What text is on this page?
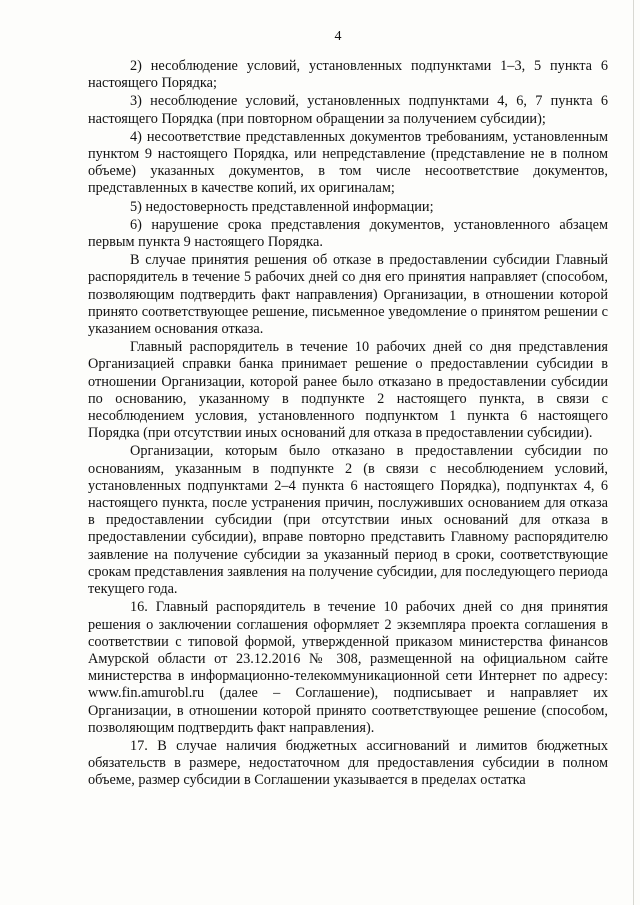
4

2) несоблюдение условий, установленных подпунктами 1–3, 5 пункта 6 настоящего Порядка;

3) несоблюдение условий, установленных подпунктами 4, 6, 7 пункта 6 настоящего Порядка (при повторном обращении за получением субсидии);

4) несоответствие представленных документов требованиям, установленным пунктом 9 настоящего Порядка, или непредставление (представление не в полном объеме) указанных документов, в том числе несоответствие документов, представленных в качестве копий, их оригиналам;

5) недостоверность представленной информации;

6) нарушение срока представления документов, установленного абзацем первым пункта 9 настоящего Порядка.

В случае принятия решения об отказе в предоставлении субсидии Главный распорядитель в течение 5 рабочих дней со дня его принятия направляет (способом, позволяющим подтвердить факт направления) Организации, в отношении которой принято соответствующее решение, письменное уведомление о принятом решении с указанием основания отказа.

Главный распорядитель в течение 10 рабочих дней со дня представления Организацией справки банка принимает решение о предоставлении субсидии в отношении Организации, которой ранее было отказано в предоставлении субсидии по основанию, указанному в подпункте 2 настоящего пункта, в связи с несоблюдением условия, установленного подпунктом 1 пункта 6 настоящего Порядка (при отсутствии иных оснований для отказа в предоставлении субсидии).

Организации, которым было отказано в предоставлении субсидии по основаниям, указанным в подпункте 2 (в связи с несоблюдением условий, установленных подпунктами 2–4 пункта 6 настоящего Порядка), подпунктах 4, 6 настоящего пункта, после устранения причин, послуживших основанием для отказа в предоставлении субсидии (при отсутствии иных оснований для отказа в предоставлении субсидии), вправе повторно представить Главному распорядителю заявление на получение субсидии за указанный период в сроки, соответствующие срокам представления заявления на получение субсидии, для последующего периода текущего года.

16. Главный распорядитель в течение 10 рабочих дней со дня принятия решения о заключении соглашения оформляет 2 экземпляра проекта соглашения в соответствии с типовой формой, утвержденной приказом министерства финансов Амурской области от 23.12.2016 № 308, размещенной на официальном сайте министерства в информационно-телекоммуникационной сети Интернет по адресу: www.fin.amurobl.ru (далее – Соглашение), подписывает и направляет их Организации, в отношении которой принято соответствующее решение (способом, позволяющим подтвердить факт направления).

17. В случае наличия бюджетных ассигнований и лимитов бюджетных обязательств в размере, недостаточном для предоставления субсидии в полном объеме, размер субсидии в Соглашении указывается в пределах остатка
